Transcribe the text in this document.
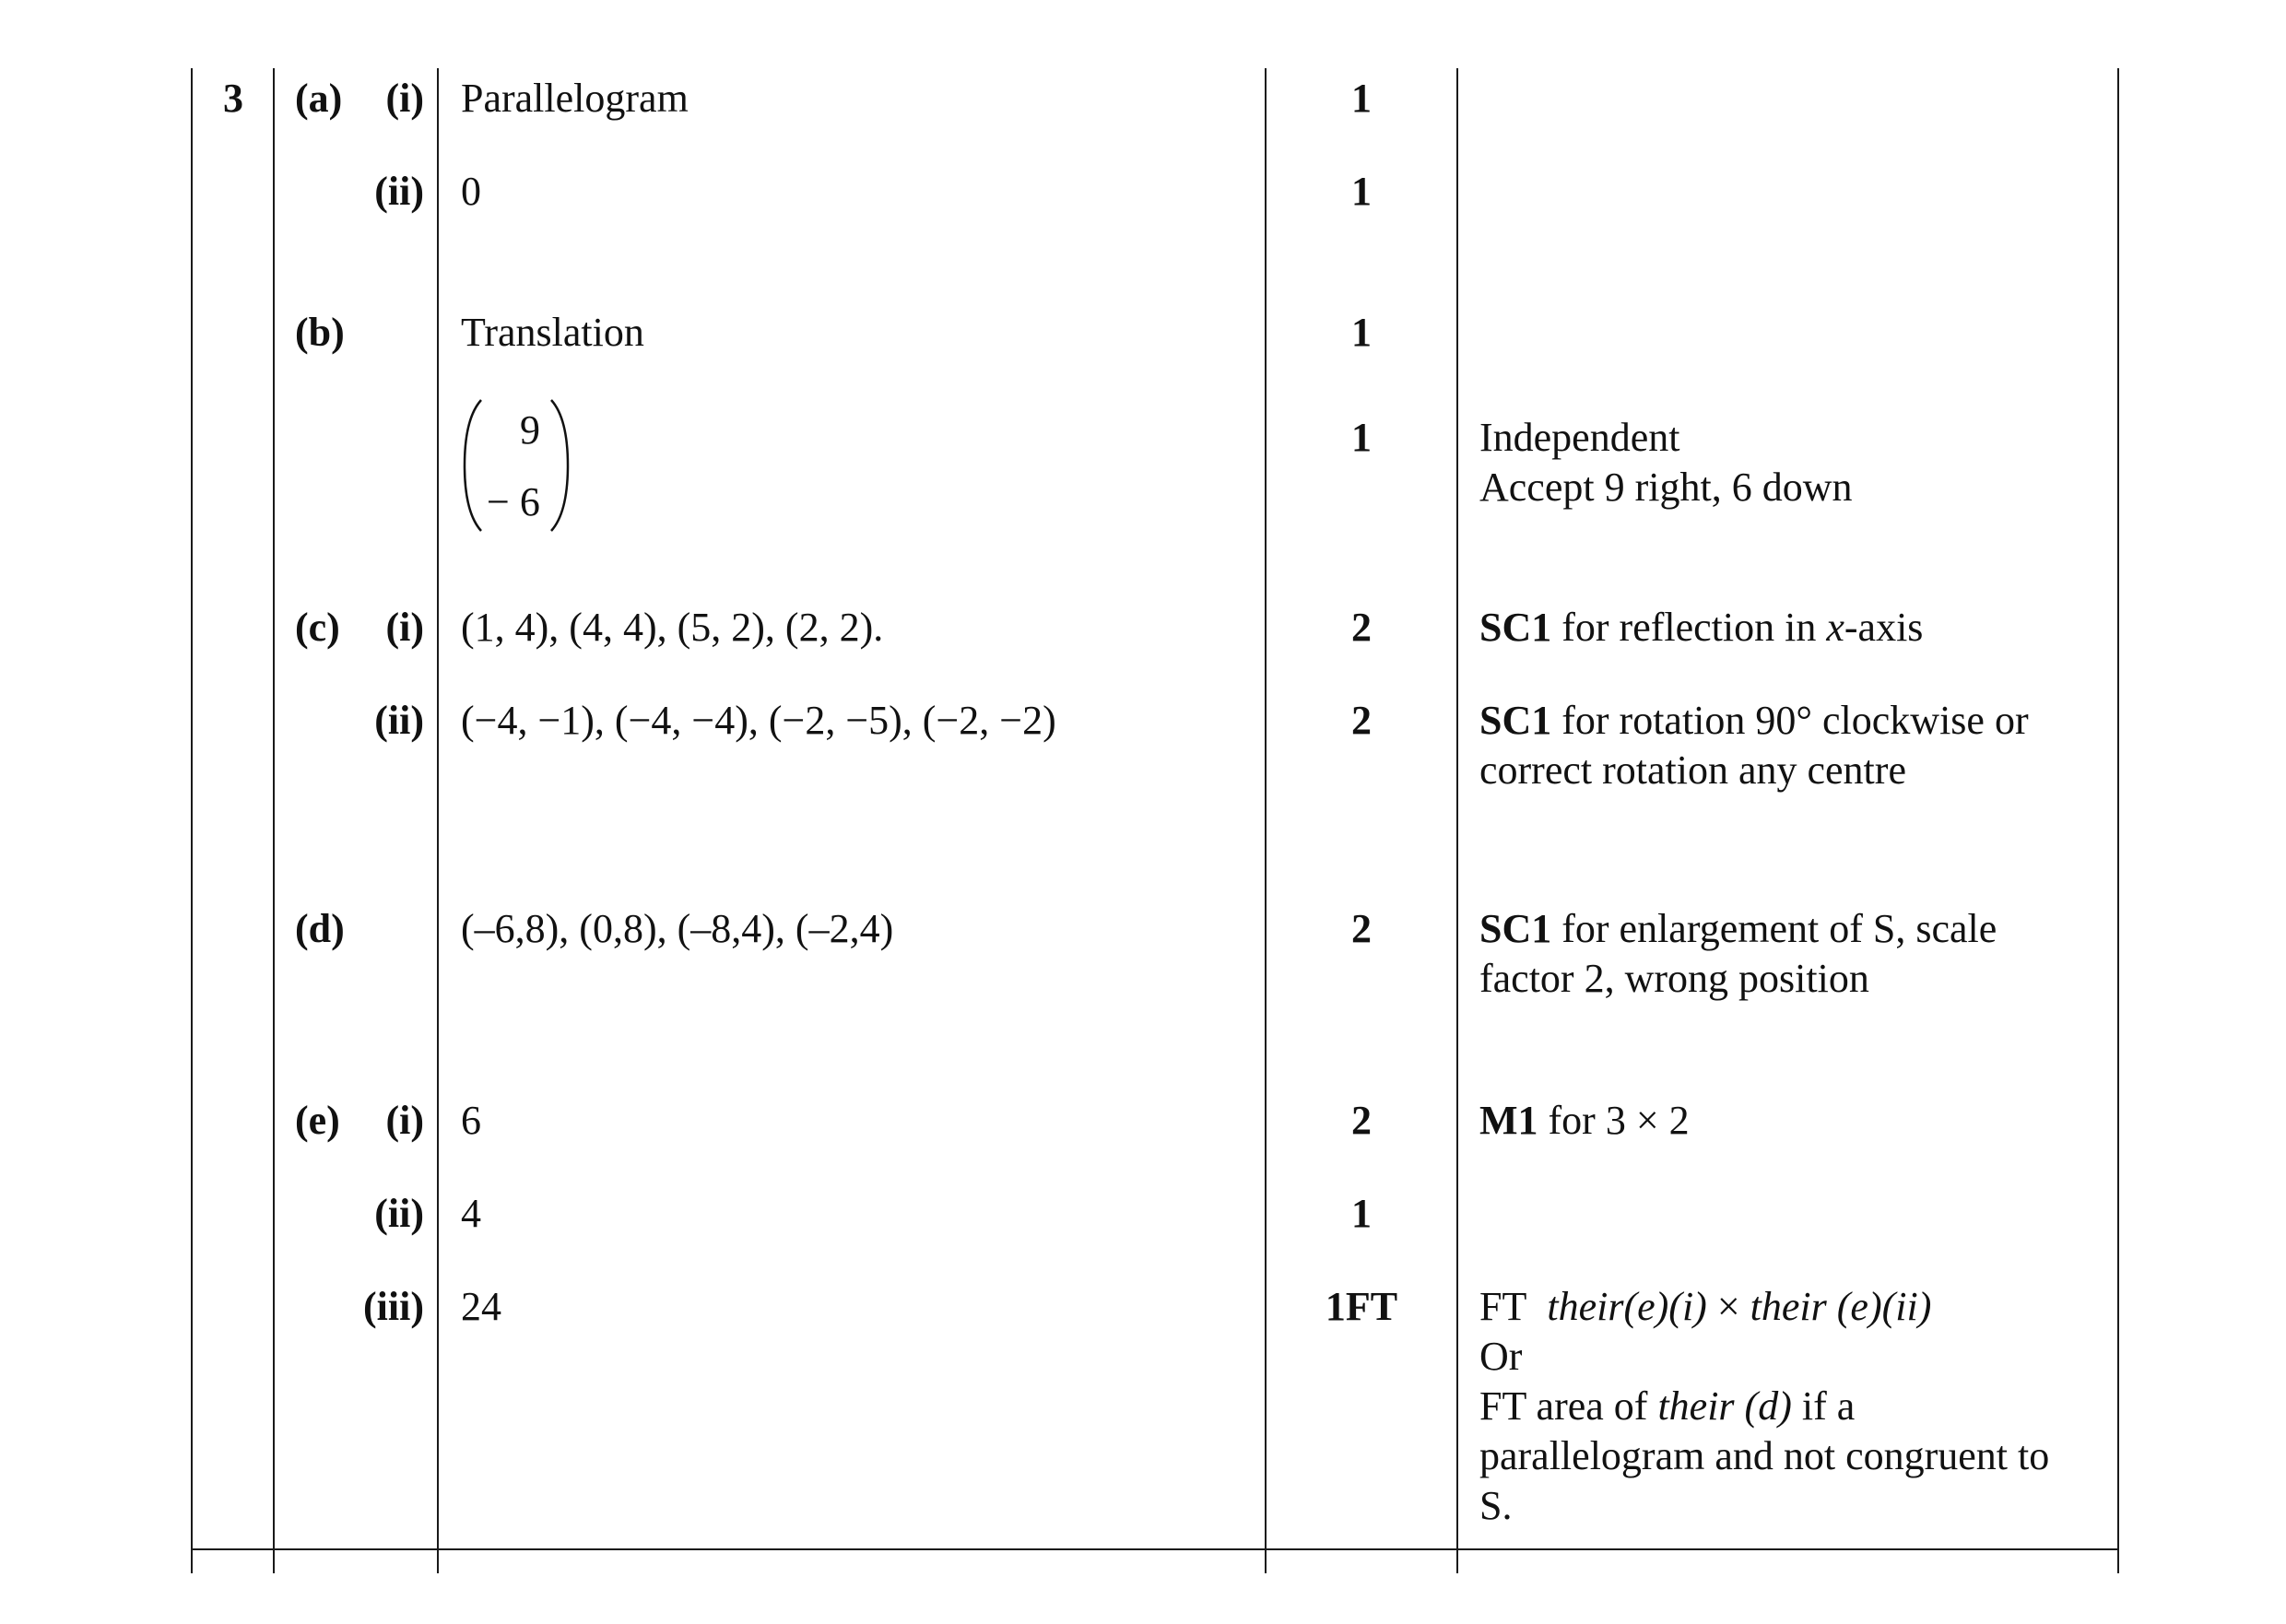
3	(a)	(i) Parallelogram	1
(ii) 0	1
(b)	Translation	1
9
− 6
1	Independent
Accept 9 right, 6 down
(c)	(i) (1, 4), (4, 4), (5, 2), (2, 2).	2	SC1 for reflection in x-axis
(ii) (−4, −1), (−4, −4), (−2, −5), (−2, −2)	2	SC1 for rotation 90° clockwise or
correct rotation any centre
(d)	(–6,8), (0,8), (–8,4), (–2,4)	2	SC1 for enlargement of S, scale
factor 2, wrong position
(e)	(i) 6	2	M1 for 3 × 2
(ii) 4	1
(iii) 24	1FT	FT their(e)(i) × their (e)(ii)
Or
FT area of their (d) if a
parallelogram and not congruent to
S.
